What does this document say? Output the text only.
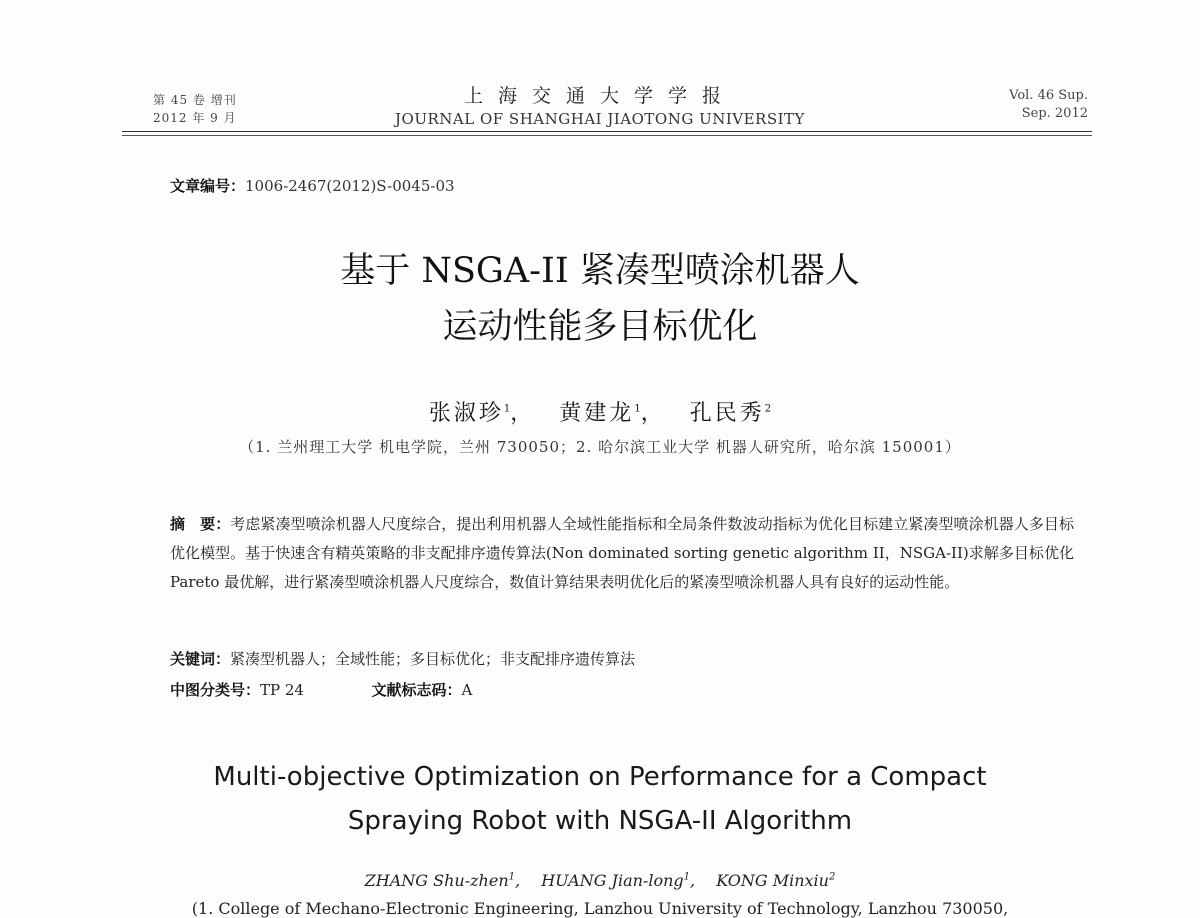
第 45 卷 增刊
2012 年 9 月
上海交通大学学报
JOURNAL OF SHANGHAI JIAOTONG UNIVERSITY
Vol. 46 Sup.
Sep. 2012
文章编号：1006-2467(2012)S-0045-03
基于 NSGA-II 紧凑型喷涂机器人
运动性能多目标优化
张淑珍$^1$，　 黄建龙$^1$，　 孔民秀$^2$
（1. 兰州理工大学 机电学院，兰州 730050；2. 哈尔滨工业大学 机器人研究所，哈尔滨 150001）

摘　要：考虑紧凑型喷涂机器人尺度综合，提出利用机器人全域性能指标和全局条件数波动指标为优化目标建立紧凑型喷涂机器人多目标优化模型。基于快速含有精英策略的非支配排序遗传算法(Non dominated sorting genetic algorithm II，NSGA-II)求解多目标优化 Pareto 最优解，进行紧凑型喷涂机器人尺度综合，数值计算结果表明优化后的紧凑型喷涂机器人具有良好的运动性能。

关键词：紧凑型机器人；全域性能；多目标优化；非支配排序遗传算法
中图分类号：TP 24	文献标志码：A
Multi-objective Optimization on Performance for a Compact
Spraying Robot with NSGA-II Algorithm
ZHANG Shu-zhen$^1$,　 HUANG Jian-long$^1$,　 KONG Minxiu$^2$
(1. College of Mechano-Electronic Engineering, Lanzhou University of Technology, Lanzhou 730050,
